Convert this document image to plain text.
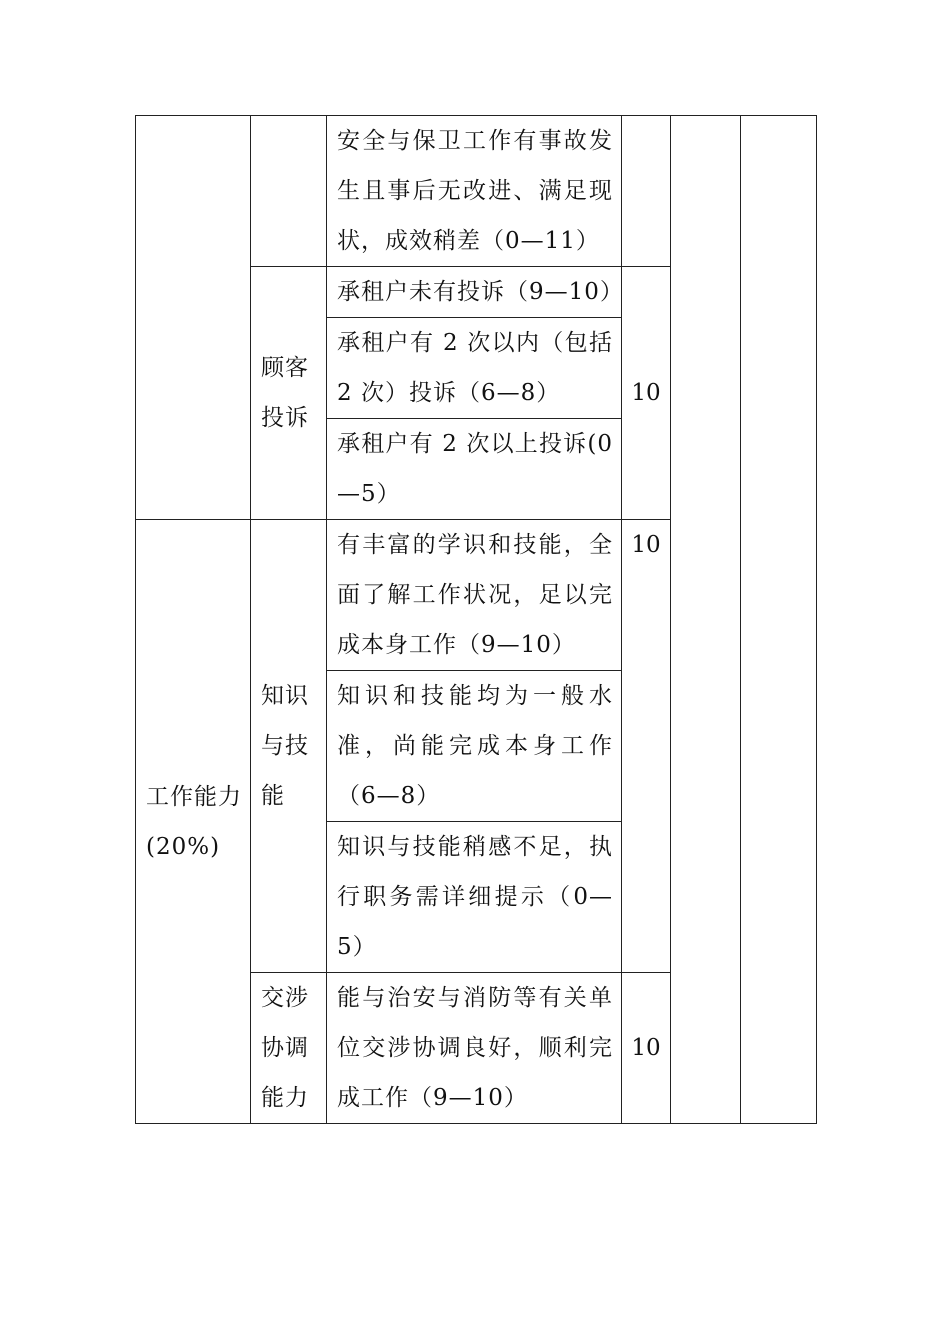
		安全与保卫工作有事故发生且事后无改进、满足现状，成效稍差（0—11）			

	顾客投诉	承租户未有投诉（9—10）	10		

		承租户有 2 次以内（包括 2 次）投诉（6—8）			

		承租户有 2 次以上投诉(0—5）			

工作能力(20%)	知识与技能	有丰富的学识和技能，全面了解工作状况，足以完成本身工作（9—10）	10		

		知识和技能均为一般水准，尚能完成本身工作（6—8）			

		知识与技能稍感不足，执行职务需详细提示（0—5）			

	交涉协调能力	能与治安与消防等有关单位交涉协调良好，顺利完成工作（9—10）	10		
